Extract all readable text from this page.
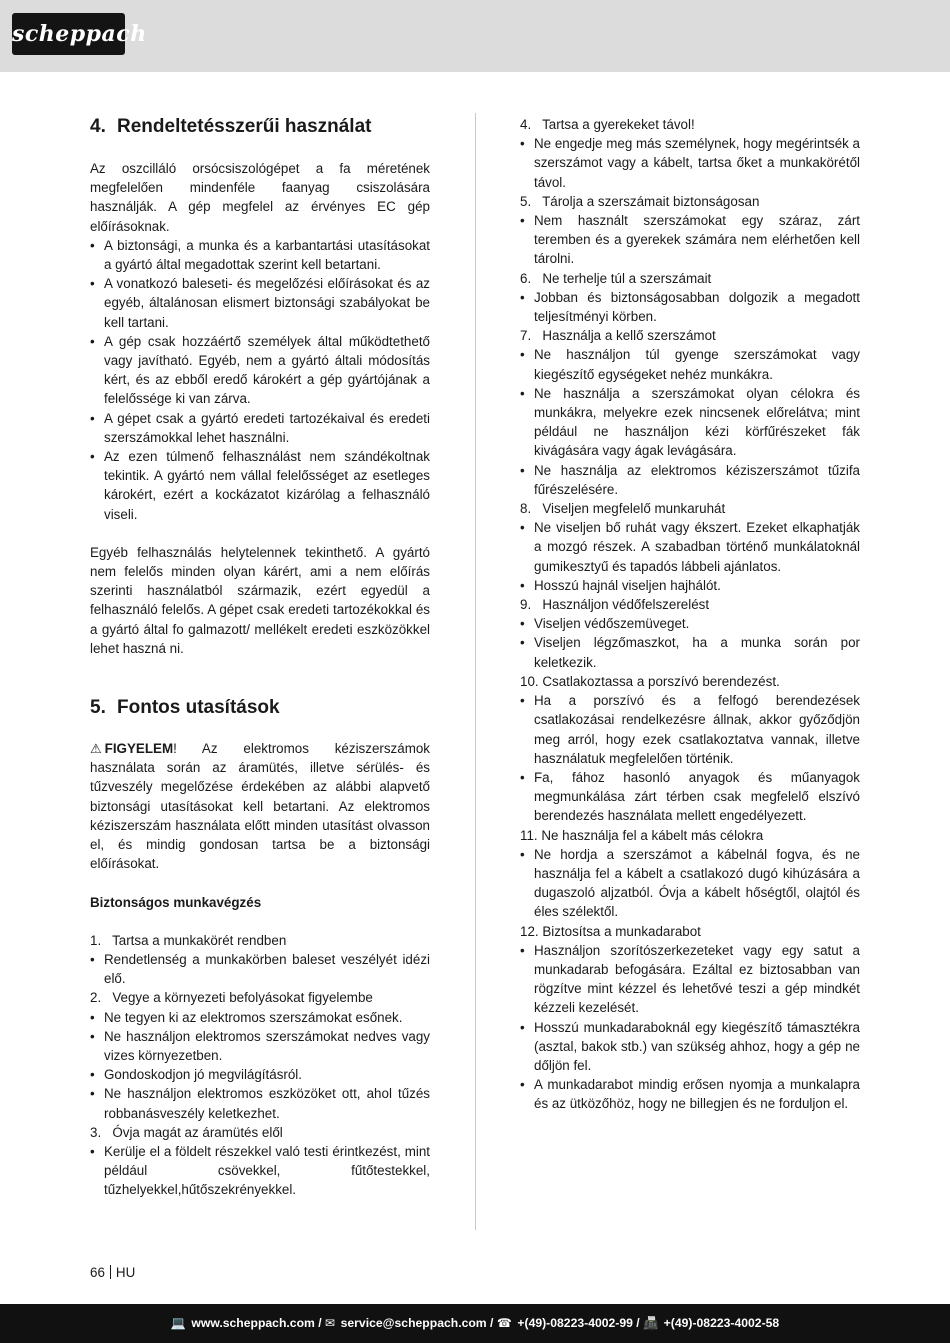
scheppach
4. Rendeltetésszerűi használat

Az oszcilláló orsócsiszológépet a fa méretének megfelelően mindenféle faanyag csiszolására használják. A gép megfelel az érvényes EC gép előírásoknak.

• A biztonsági, a munka és a karbantartási utasításokat a gyártó által megadottak szerint kell betartani.
• A vonatkozó baleseti- és megelőzési előírásokat és az egyéb, általánosan elismert biztonsági szabályokat be kell tartani.
• A gép csak hozzáértő személyek által működtethető vagy javítható. Egyéb, nem a gyártó általi módosítás kért, és az ebből eredő károkért a gép gyártójának a felelőssége ki van zárva.
• A gépet csak a gyártó eredeti tartozékaival és eredeti szerszámokkal lehet használni.
• Az ezen túlmenő felhasználást nem szándékoltnak tekintik. A gyártó nem vállal felelősséget az esetleges károkért, ezért a kockázatot kizárólag a felhasználó viseli.

Egyéb felhasználás helytelennek tekinthető. A gyártó nem felelős minden olyan kárért, ami a nem előírás szerinti használatból származik, ezért egyedül a felhasználó felelős. A gépet csak eredeti tartozékokkal és a gyártó által fo galmazott/ mellékelt eredeti eszközökkel lehet haszná ni.

5. Fontos utasítások

⚠ FIGYELEM! Az elektromos kéziszerszámok használata során az áramütés, illetve sérülés- és tűzveszély megelőzése érdekében az alábbi alapvető biztonsági utasításokat kell betartani. Az elektromos kéziszerszám használata előtt minden utasítást olvasson el, és mindig gondosan tartsa be a biztonsági előírásokat.

Biztonságos munkavégzés

1.   Tartsa a munkakörét rendben
• Rendetlenség a munkakörben baleset veszélyét idézi elő.
2.   Vegye a környezeti befolyásokat figyelembe
• Ne tegyen ki az elektromos szerszámokat esőnek.
• Ne használjon elektromos szerszámokat nedves vagy vizes környezetben.
• Gondoskodjon jó megvilágításról.
• Ne használjon elektromos eszközöket ott, ahol tűzés robbanásveszély keletkezhet.
3.   Óvja magát az áramütés elől
• Kerülje el a földelt részekkel való testi érintkezést, mint például csövekkel, fűtőtestekkel, tűzhelyekkel,hűtőszekrényekkel.
4.   Tartsa a gyerekeket távol!
• Ne engedje meg más személynek, hogy megérintsék a szerszámot vagy a kábelt, tartsa őket a munkakörétől távol.
5.   Tárolja a szerszámait biztonságosan
• Nem használt szerszámokat egy száraz, zárt teremben és a gyerekek számára nem elérhetően kell tárolni.
6.   Ne terhelje túl a szerszámait
• Jobban és biztonságosabban dolgozik a megadott teljesítményi körben.
7.   Használja a kellő szerszámot
• Ne használjon túl gyenge szerszámokat vagy kiegészítő egységeket nehéz munkákra.
• Ne használja a szerszámokat olyan célokra és munkákra, melyekre ezek nincsenek előrelátva; mint például ne használjon kézi körfűrészeket fák kivágására vagy ágak levágására.
• Ne használja az elektromos kéziszerszámot tűzifa fűrészelésére.
8.   Viseljen megfelelő munkaruhát
• Ne viseljen bő ruhát vagy ékszert. Ezeket elkaphatják a mozgó részek. A szabadban történő munkálatoknál gumikesztyű és tapadós lábbeli ajánlatos.
• Hosszú hajnál viseljen hajhálót.
9.   Használjon védőfelszerelést
• Viseljen védőszemüveget.
• Viseljen légzőmaszkot, ha a munka során por keletkezik.
10. Csatlakoztassa a porszívó berendezést.
• Ha a porszívó és a felfogó berendezések csatlakozásai rendelkezésre állnak, akkor győződjön meg arról, hogy ezek csatlakoztatva vannak, illetve használatuk megfelelően történik.
• Fa, fához hasonló anyagok és műanyagok megmunkálása zárt térben csak megfelelő elszívó berendezés használata mellett engedélyezett.
11. Ne használja fel a kábelt más célokra
• Ne hordja a szerszámot a kábelnál fogva, és ne használja fel a kábelt a csatlakozó dugó kihúzására a dugaszoló aljzatból. Óvja a kábelt hőségtől, olajtól és éles szélektől.
12. Biztosítsa a munkadarabot
• Használjon szorítószerkezeteket vagy egy satut a munkadarab befogására. Ezáltal ez biztosabban van rögzítve mint kézzel és lehetővé teszi a gép mindkét kézzeli kezelését.
• Hosszú munkadaraboknál egy kiegészítő támasztékra (asztal, bakok stb.) van szükség ahhoz, hogy a gép ne dőljön fel.
• A munkadarabot mindig erősen nyomja a munkalapra és az ütközőhöz, hogy ne billegjen és ne forduljon el.
66 HU
💻 www.scheppach.com / ✉ service@scheppach.com / ☎ +(49)-08223-4002-99 / 📠 +(49)-08223-4002-58
